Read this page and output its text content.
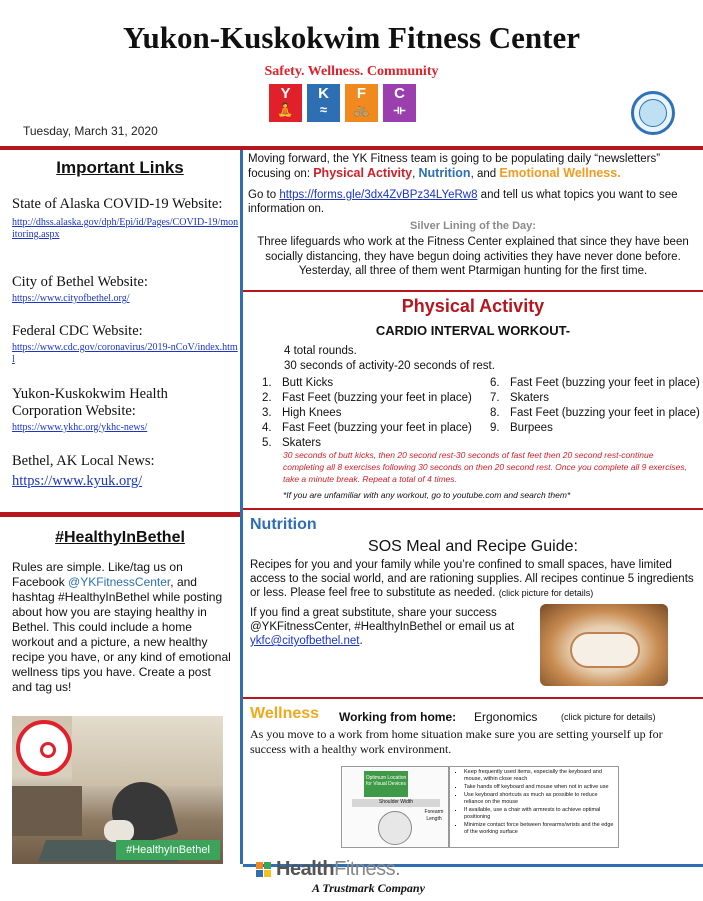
Yukon-Kuskokwim Fitness Center
Safety. Wellness. Community
Y
🧘
K
≈
F
🚲
C
⟛
Tuesday, March 31, 2020
Important Links
State of Alaska COVID-19 Website:
http://dhss.alaska.gov/dph/Epi/id/Pages/COVID-19/monitoring.aspx
City of Bethel Website:
https://www.cityofbethel.org/
Federal CDC Website:
https://www.cdc.gov/coronavirus/2019-nCoV/index.html
Yukon-Kuskokwim Health Corporation Website:
https://www.ykhc.org/ykhc-news/
Bethel, AK Local News:
https://www.kyuk.org/
#HealthyInBethel
Rules are simple. Like/tag us on Facebook @YKFitnessCenter, and hashtag #HealthyInBethel while posting about how you are staying healthy in Bethel. This could include a home workout and a picture, a new healthy recipe you have, or any kind of emotional wellness tips you have. Create a post and tag us!
#HealthyInBethel
Moving forward, the YK Fitness team is going to be populating daily “newsletters” focusing on: Physical Activity, Nutrition, and Emotional Wellness.
Go to https://forms.gle/3dx4ZvBPz34LYeRw8 and tell us what topics you want to see information on.
Silver Lining of the Day:
Three lifeguards who work at the Fitness Center explained that since they have been socially distancing, they have begun doing activities they have never done before. Yesterday, all three of them went Ptarmigan hunting for the first time.
Physical Activity
CARDIO INTERVAL WORKOUT-
4 total rounds.
30 seconds of activity-20 seconds of rest.
1. Butt Kicks
2. Fast Feet (buzzing your feet in place)
3. High Knees
4. Fast Feet (buzzing your feet in place)
5. Skaters
6. Fast Feet (buzzing your feet in place)
7. Skaters
8. Fast Feet (buzzing your feet in place)
9. Burpees
30 seconds of butt kicks, then 20 second rest-30 seconds of fast feet then 20 second rest-continue completing all 8 exercises following 30 seconds on then 20 second rest. Once you complete all 9 exercises, take a minute break. Repeat a total of 4 times.
*If you are unfamiliar with any workout, go to youtube.com and search them*
Nutrition
SOS Meal and Recipe Guide:
Recipes for you and your family while you’re confined to small spaces, have limited access to the social world, and are rationing supplies. All recipes continue 5 ingredients or less. Please feel free to substitute as needed. (click picture for details)
If you find a great substitute, share your success @YKFitnessCenter, #HealthyInBethel or email us at ykfc@cityofbethel.net.
Wellness Working from home: Ergonomics	(click picture for details)
As you move to a work from home situation make sure you are setting yourself up for success with a healthy work environment.
Optimum Location for Visual Devices
Shoulder Width
Forearm Length
▪ Keep frequently used items, especially the keyboard and mouse, within close reach
▪ Take hands off keyboard and mouse when not in active use
▪ Use keyboard shortcuts as much as possible to reduce reliance on the mouse
▪ If available, use a chair with armrests to achieve optimal positioning
▪ Minimize contact force between forearms/wrists and the edge of the working surface
HealthFitness.
A Trustmark Company
